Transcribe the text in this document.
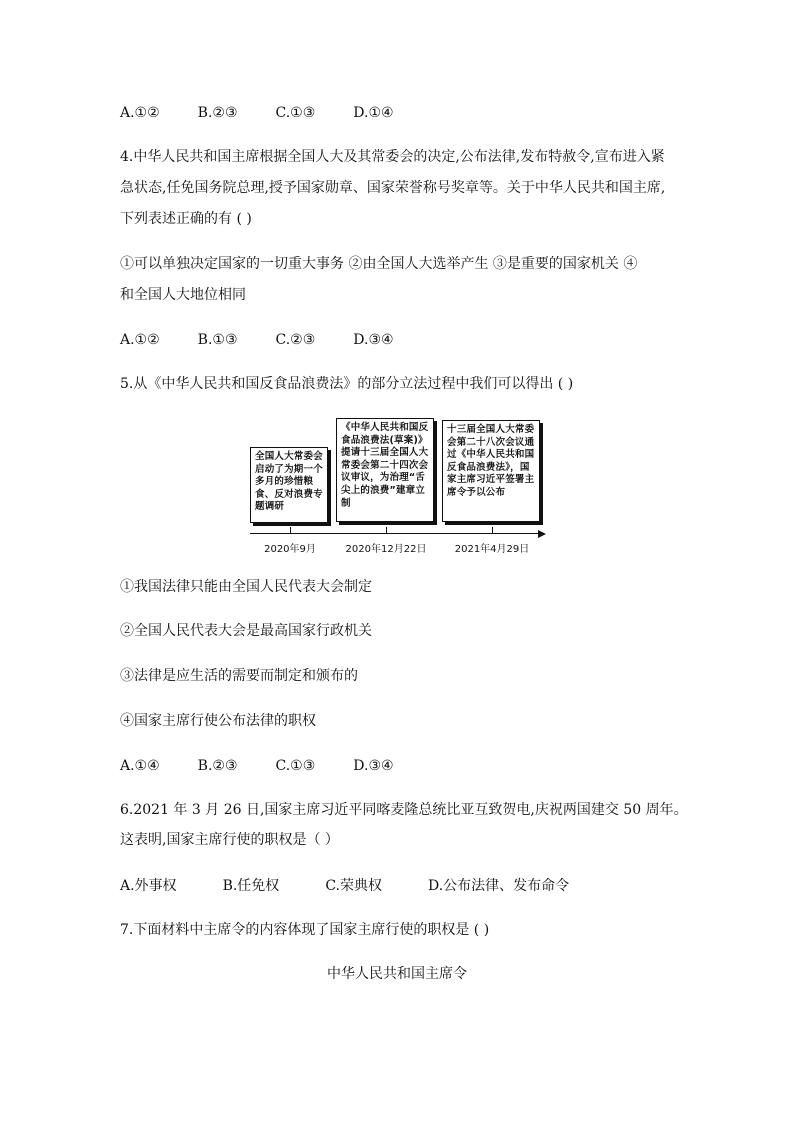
A.①②	B.②③	C.①③	D.①④
4.中华人民共和国主席根据全国人大及其常委会的决定,公布法律,发布特赦令,宣布进入紧
急状态,任免国务院总理,授予国家勋章、国家荣誉称号奖章等。关于中华人民共和国主席,
下列表述正确的有 ( )
①可以单独决定国家的一切重大事务 ②由全国人大选举产生 ③是重要的国家机关 ④
和全国人大地位相同
A.①②	B.①③	C.②③	D.③④
5.从《中华人民共和国反食品浪费法》的部分立法过程中我们可以得出 ( )
全国人大常委会启动了为期一个多月的珍惜粮食、反对浪费专题调研
《中华人民共和国反食品浪费法(草案)》提请十三届全国人大常委会第二十四次会议审议，为治理“舌尖上的浪费”建章立制
十三届全国人大常委会第二十八次会议通过《中华人民共和国反食品浪费法》，国家主席习近平签署主席令予以公布
2020年9月	2020年12月22日	2021年4月29日
①我国法律只能由全国人民代表大会制定
②全国人民代表大会是最高国家行政机关
③法律是应生活的需要而制定和颁布的
④国家主席行使公布法律的职权
A.①④	B.②③	C.①③	D.③④
6.2021 年 3 月 26 日,国家主席习近平同喀麦隆总统比亚互致贺电,庆祝两国建交 50 周年。
这表明,国家主席行使的职权是（ ）
A.外事权	B.任免权	C.荣典权	D.公布法律、发布命令
7.下面材料中主席令的内容体现了国家主席行使的职权是 ( )
中华人民共和国主席令
